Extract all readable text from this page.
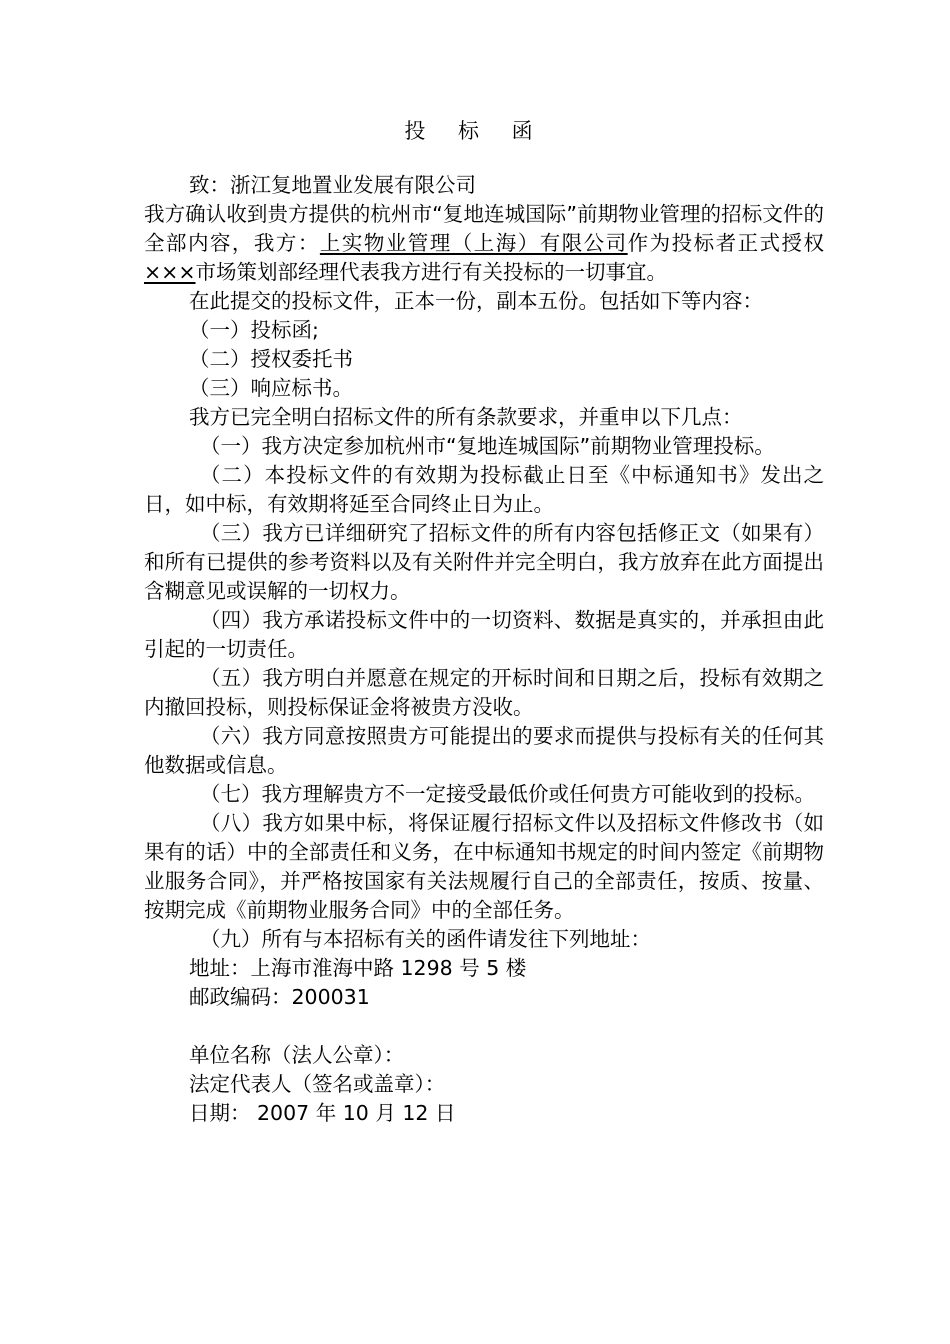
投 标 函

致：浙江复地置业发展有限公司

我方确认收到贵方提供的杭州市“复地连城国际”前期物业管理的招标文件的全部内容，我方：上实物业管理（上海）有限公司作为投标者正式授权 ×××市场策划部经理代表我方进行有关投标的一切事宜。

在此提交的投标文件，正本一份，副本五份。包括如下等内容：

（一）投标函;

（二）授权委托书

（三）响应标书。

我方已完全明白招标文件的所有条款要求，并重申以下几点：

（一）我方决定参加杭州市“复地连城国际”前期物业管理投标。

（二）本投标文件的有效期为投标截止日至《中标通知书》发出之日，如中标，有效期将延至合同终止日为止。

（三）我方已详细研究了招标文件的所有内容包括修正文（如果有）和所有已提供的参考资料以及有关附件并完全明白，我方放弃在此方面提出含糊意见或误解的一切权力。

（四）我方承诺投标文件中的一切资料、数据是真实的，并承担由此引起的一切责任。

（五）我方明白并愿意在规定的开标时间和日期之后，投标有效期之内撤回投标，则投标保证金将被贵方没收。

（六）我方同意按照贵方可能提出的要求而提供与投标有关的任何其他数据或信息。

（七）我方理解贵方不一定接受最低价或任何贵方可能收到的投标。

（八）我方如果中标，将保证履行招标文件以及招标文件修改书（如果有的话）中的全部责任和义务，在中标通知书规定的时间内签定《前期物业服务合同》，并严格按国家有关法规履行自己的全部责任，按质、按量、按期完成《前期物业服务合同》中的全部任务。

（九）所有与本招标有关的函件请发往下列地址：

地址：上海市淮海中路 1298 号 5 楼

邮政编码：200031

单位名称（法人公章）：

法定代表人（签名或盖章）：

日期： 2007 年 10 月 12 日
